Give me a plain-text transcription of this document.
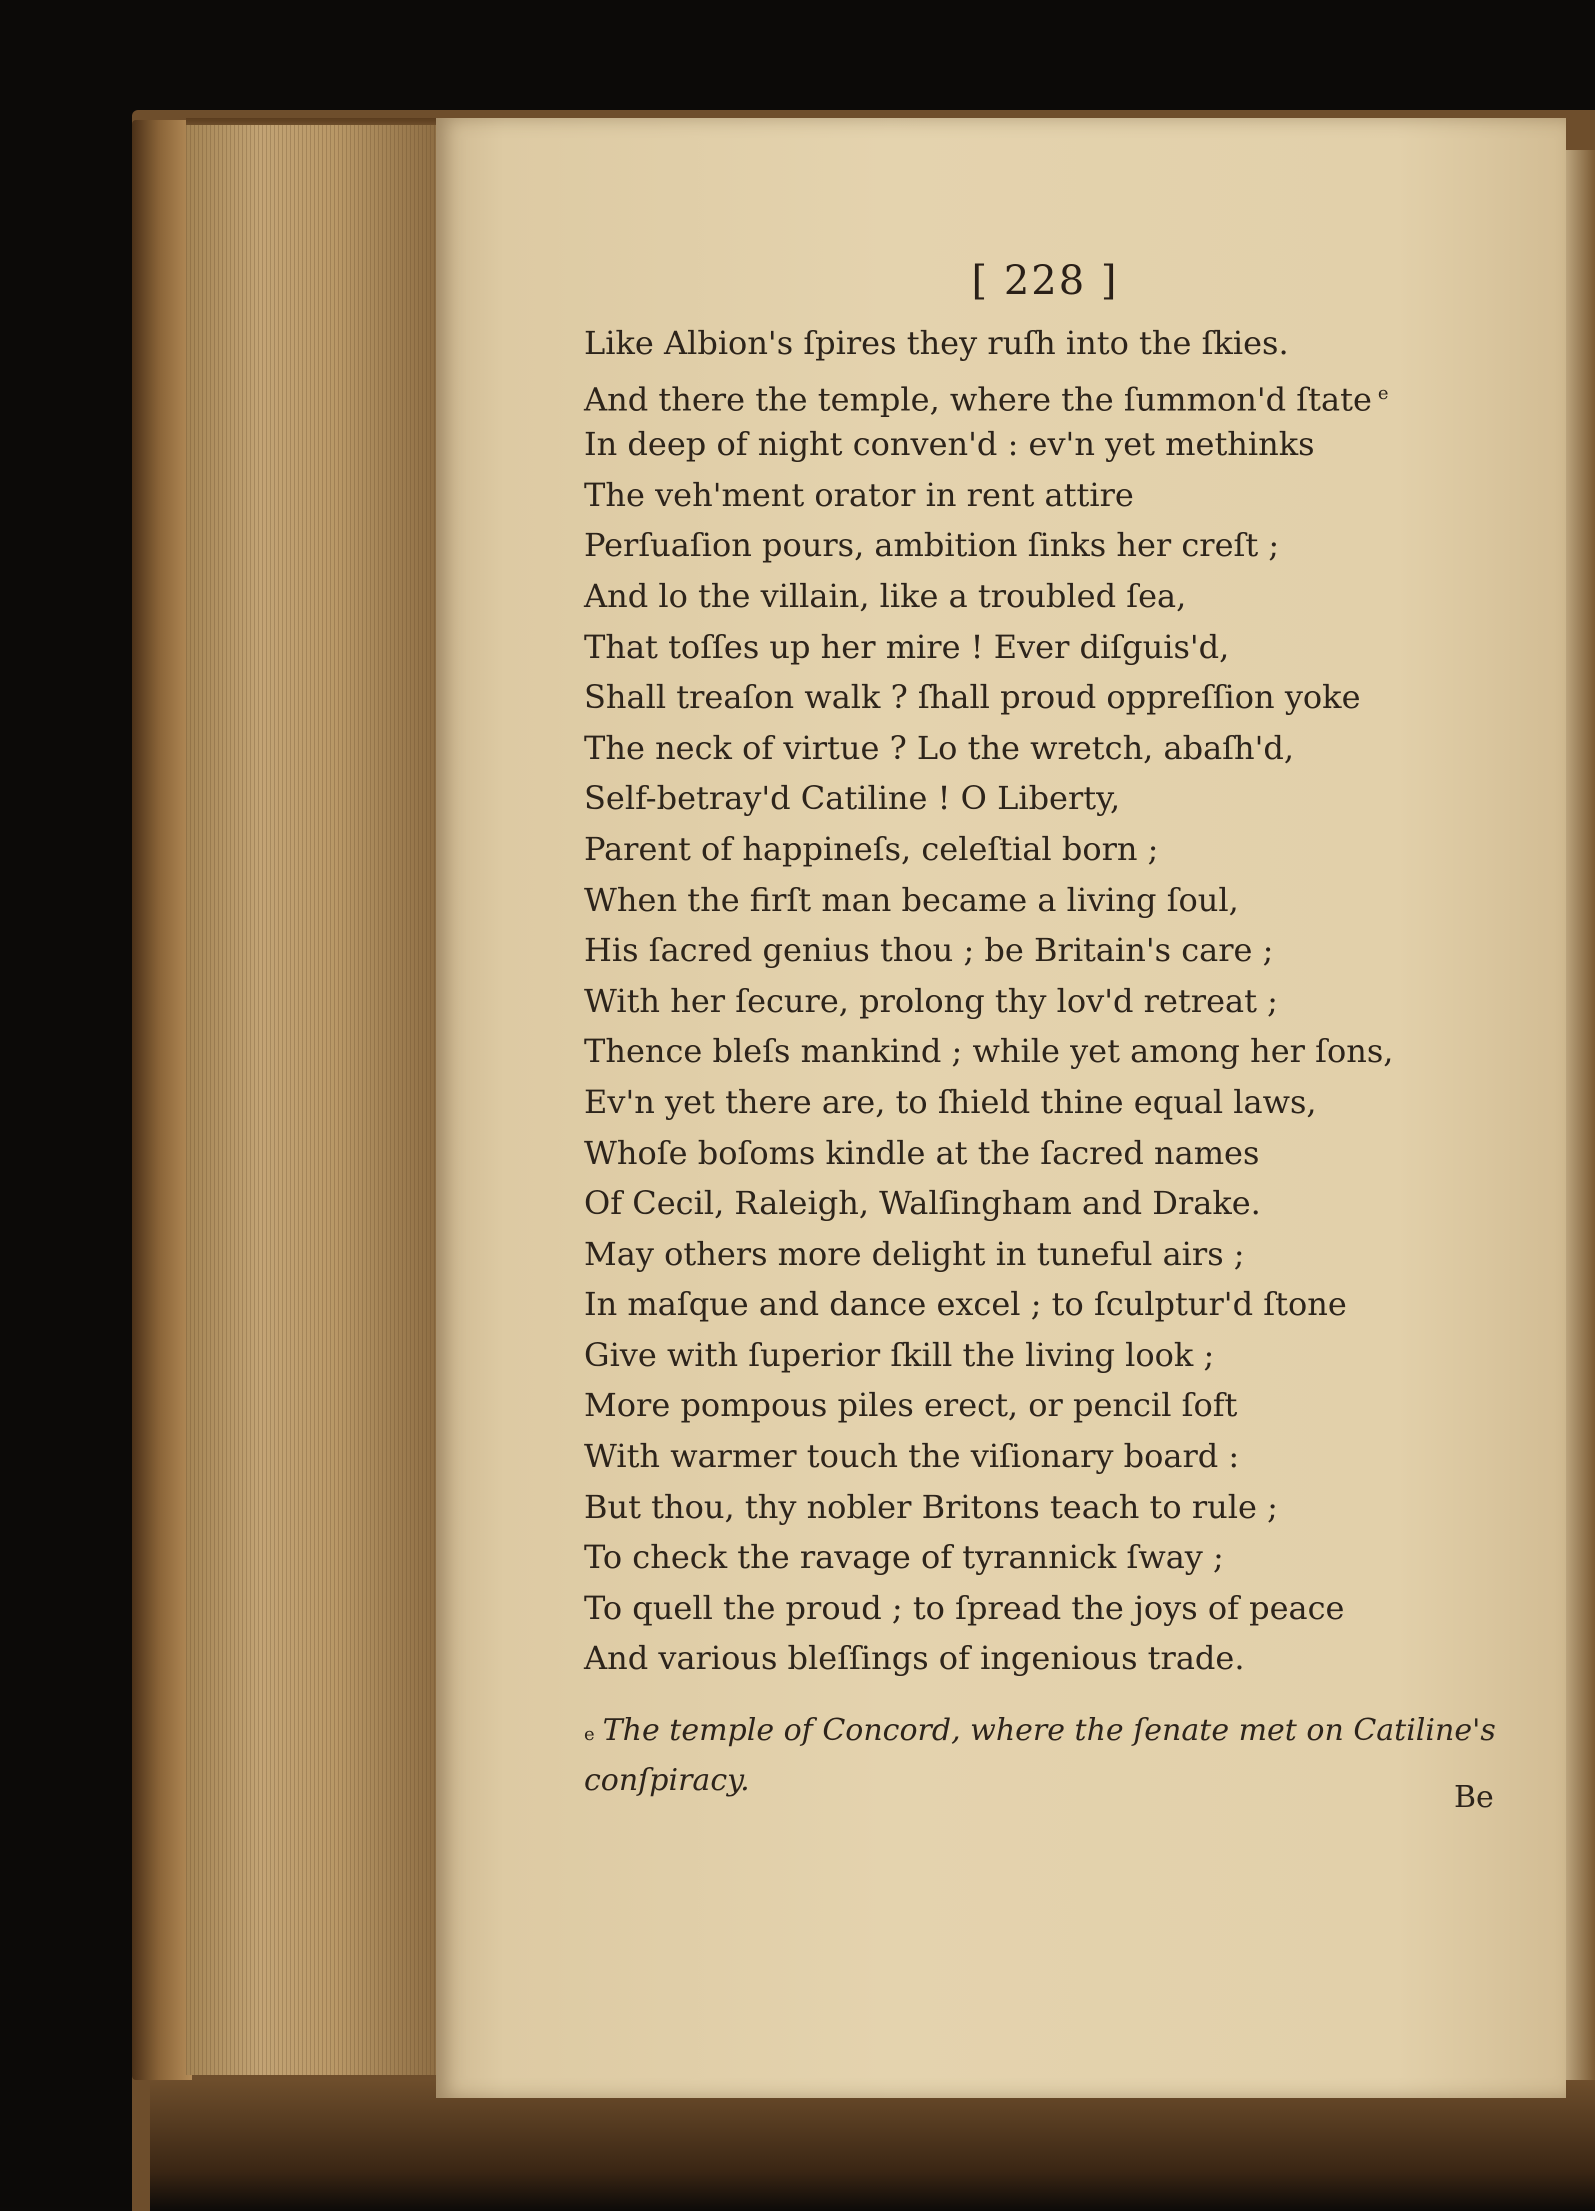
[ 228 ]
Like Albion's ſpires they ruſh into the ſkies.
And there the temple, where the ſummon'd ſtate $^e$
In deep of night conven'd : ev'n yet methinks
The veh'ment orator in rent attire
Perſuaſion pours, ambition ſinks her creſt ;
And lo the villain, like a troubled ſea,
That toſſes up her mire ! Ever diſguis'd,
Shall treaſon walk ? ſhall proud oppreſſion yoke
The neck of virtue ? Lo the wretch, abaſh'd,
Self-betray'd Catiline ! O Liberty,
Parent of happineſs, celeſtial born ;
When the firſt man became a living ſoul,
His ſacred genius thou ; be Britain's care ;
With her ſecure, prolong thy lov'd retreat ;
Thence bleſs mankind ; while yet among her ſons,
Ev'n yet there are, to ſhield thine equal laws,
Whoſe boſoms kindle at the ſacred names
Of Cecil, Raleigh, Walſingham and Drake.
May others more delight in tuneful airs ;
In maſque and dance excel ; to ſculptur'd ſtone
Give with ſuperior ſkill the living look ;
More pompous piles erect, or pencil ſoft
With warmer touch the viſionary board :
But thou, thy nobler Britons teach to rule ;
To check the ravage of tyrannick ſway ;
To quell the proud ; to ſpread the joys of peace
And various bleſſings of ingenious trade.
e The temple of Concord, where the ſenate met on Catiline's conſpiracy.	Be
